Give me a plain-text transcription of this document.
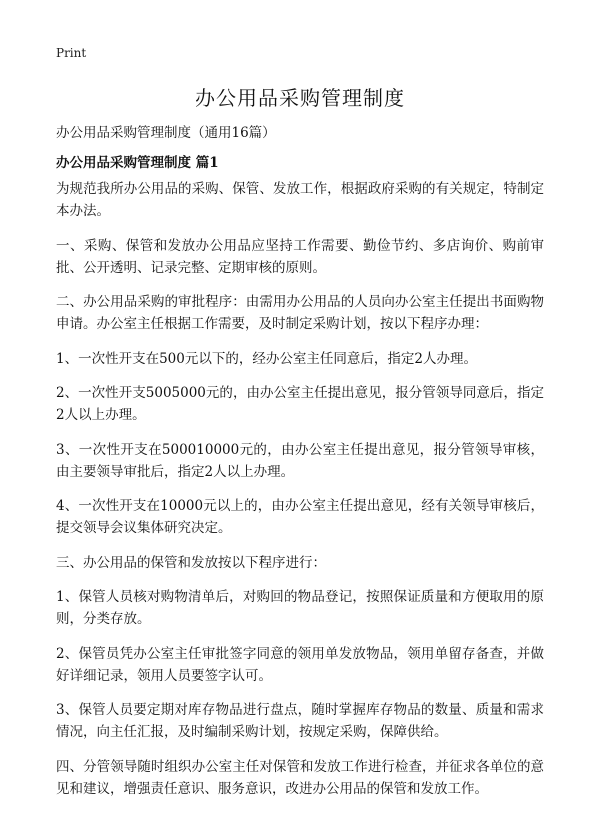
Print
办公用品采购管理制度
办公用品采购管理制度（通用16篇）
办公用品采购管理制度 篇1

为规范我所办公用品的采购、保管、发放工作，根据政府采购的有关规定，特制定本办法。

一、采购、保管和发放办公用品应坚持工作需要、勤俭节约、多店询价、购前审批、公开透明、记录完整、定期审核的原则。

二、办公用品采购的审批程序：由需用办公用品的人员向办公室主任提出书面购物申请。办公室主任根据工作需要，及时制定采购计划，按以下程序办理：

1、一次性开支在500元以下的，经办公室主任同意后，指定2人办理。

2、一次性开支5005000元的，由办公室主任提出意见，报分管领导同意后，指定2人以上办理。

3、一次性开支在500010000元的，由办公室主任提出意见，报分管领导审核，由主要领导审批后，指定2人以上办理。

4、一次性开支在10000元以上的，由办公室主任提出意见，经有关领导审核后，提交领导会议集体研究决定。

三、办公用品的保管和发放按以下程序进行：

1、保管人员核对购物清单后，对购回的物品登记，按照保证质量和方便取用的原则，分类存放。

2、保管员凭办公室主任审批签字同意的领用单发放物品，领用单留存备查，并做好详细记录，领用人员要签字认可。

3、保管人员要定期对库存物品进行盘点，随时掌握库存物品的数量、质量和需求情况，向主任汇报，及时编制采购计划，按规定采购，保障供给。

四、分管领导随时组织办公室主任对保管和发放工作进行检查，并征求各单位的意见和建议，增强责任意识、服务意识，改进办公用品的保管和发放工作。
